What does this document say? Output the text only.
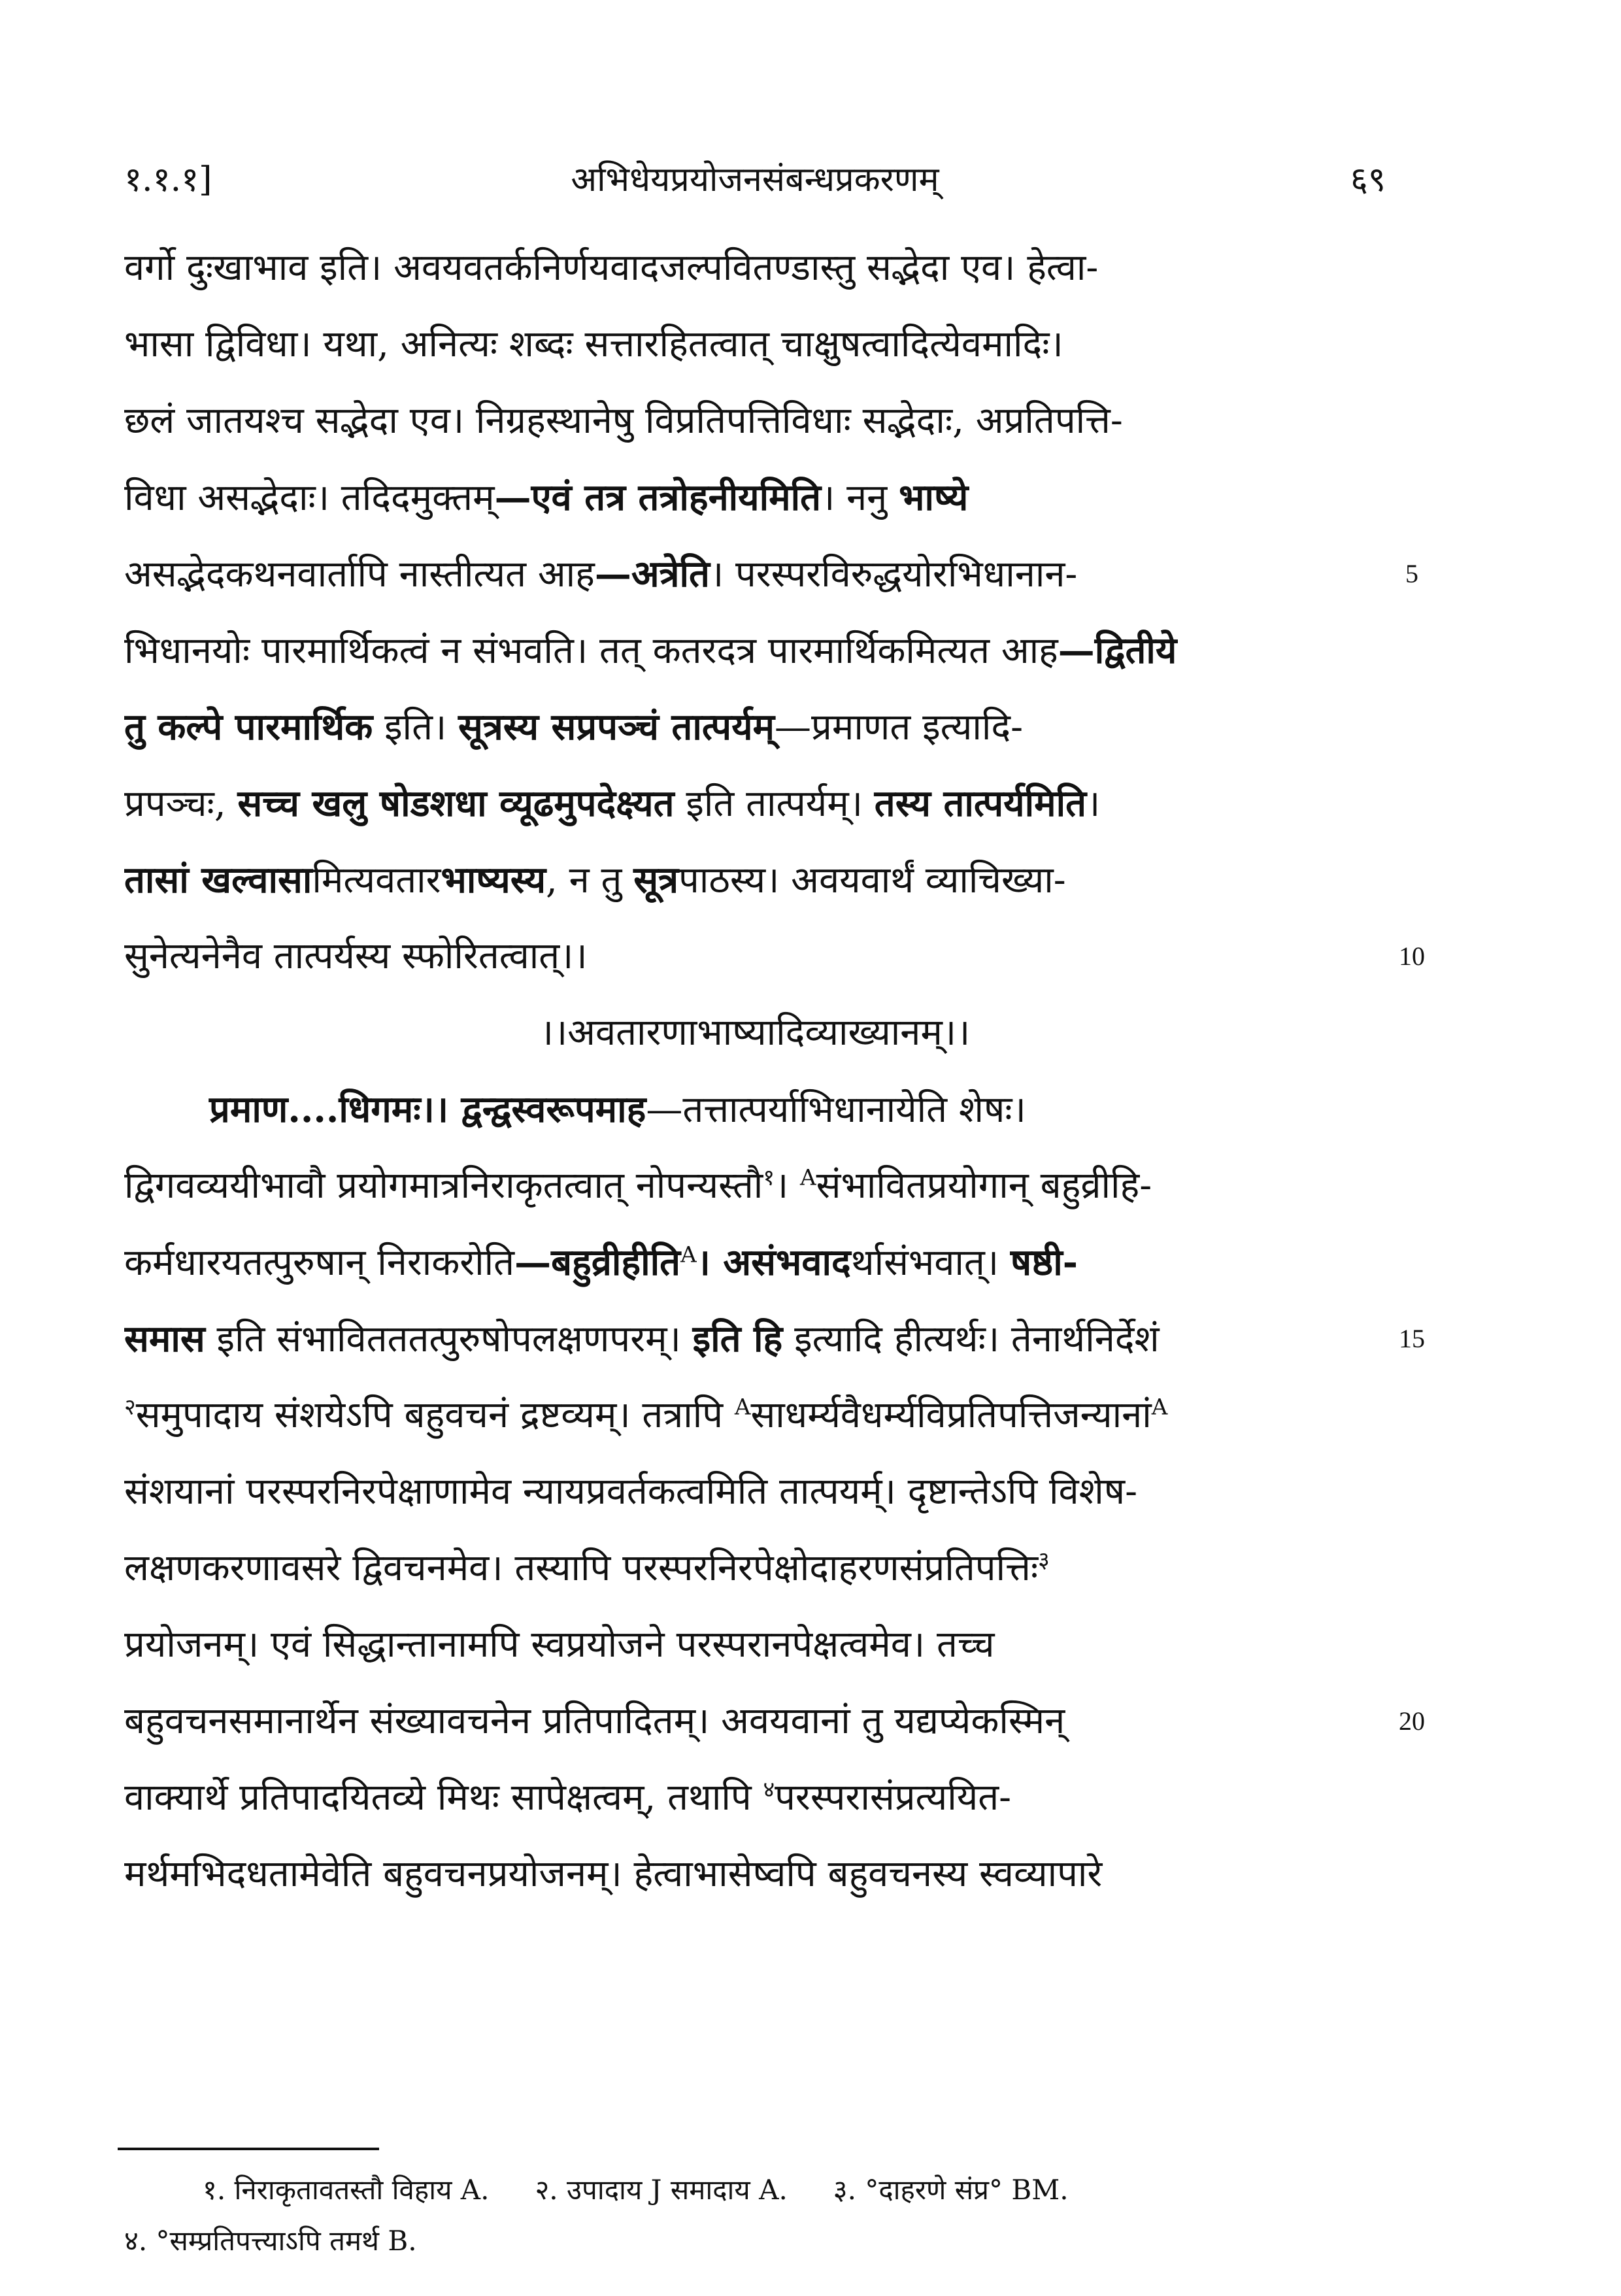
१.१.१]	अभिधेयप्रयोजनसंबन्धप्रकरणम्	६९
वर्गो दुःखाभाव इति। अवयवतर्कनिर्णयवादजल्पवितण्डास्तु सद्भेदा एव। हेत्वा-
भासा द्विविधा। यथा, अनित्यः शब्दः सत्तारहितत्वात् चाक्षुषत्वादित्येवमादिः।
छलं जातयश्च सद्भेदा एव। निग्रहस्थानेषु विप्रतिपत्तिविधाः सद्भेदाः, अप्रतिपत्ति-
विधा असद्भेदाः। तदिदमुक्तम्—एवं तत्र तत्रोहनीयमिति। ननु भाष्ये
असद्भेदकथनवार्तापि नास्तीत्यत आह—अत्रेति। परस्परविरुद्धयोरभिधानान-	5
भिधानयोः पारमार्थिकत्वं न संभवति। तत् कतरदत्र पारमार्थिकमित्यत आह—द्वितीये
तु कल्पे पारमार्थिक इति। सूत्रस्य सप्रपञ्चं तात्पर्यम्—प्रमाणत इत्यादि-
प्रपञ्चः, सच्च खलु षोडशधा व्यूढमुपदेक्ष्यत इति तात्पर्यम्। तस्य तात्पर्यमिति।
तासां खल्वासामित्यवतारभाष्यस्य, न तु सूत्रपाठस्य। अवयवार्थं व्याचिख्या-
सुनेत्यनेनैव तात्पर्यस्य स्फोरितत्वात्।।	10
।।अवतारणाभाष्यादिव्याख्यानम्।।
प्रमाण....धिगमः।। द्वन्द्वस्वरूपमाह—तत्तात्पर्याभिधानायेति शेषः।
द्विगवव्ययीभावौ प्रयोगमात्रनिराकृतत्वात् नोपन्यस्तौ$^१$। $^A$संभावितप्रयोगान् बहुव्रीहि-
कर्मधारयतत्पुरुषान् निराकरोति—बहुव्रीहीति$^A$। असंभवादर्थासंभवात्। षष्ठी-
समास इति संभावितततत्पुरुषोपलक्षणपरम्। इति हि इत्यादि हीत्यर्थः। तेनार्थनिर्देशं	15
$^२$समुपादाय संशयेऽपि बहुवचनं द्रष्टव्यम्। तत्रापि $^A$साधर्म्यवैधर्म्यविप्रतिपत्तिजन्यानां$^A$
संशयानां परस्परनिरपेक्षाणामेव न्यायप्रवर्तकत्वमिति तात्पयर्म्। दृष्टान्तेऽपि विशेष-
लक्षणकरणावसरे द्विवचनमेव। तस्यापि परस्परनिरपेक्षोदाहरणसंप्रतिपत्तिः$^३$
प्रयोजनम्। एवं सिद्धान्तानामपि स्वप्रयोजने परस्परानपेक्षत्वमेव। तच्च
बहुवचनसमानार्थेन संख्यावचनेन प्रतिपादितम्। अवयवानां तु यद्यप्येकस्मिन्	20
वाक्यार्थे प्रतिपादयितव्ये मिथः सापेक्षत्वम्, तथापि $^४$परस्परासंप्रत्ययित-
मर्थमभिदधतामेवेति बहुवचनप्रयोजनम्। हेत्वाभासेष्वपि बहुवचनस्य स्वव्यापारे
१. निराकृतावतस्तौ विहाय A. २. उपादाय J समादाय A. ३. °दाहरणे संप्र° BM.
४. °सम्प्रतिपत्त्याऽपि तमर्थ B.
